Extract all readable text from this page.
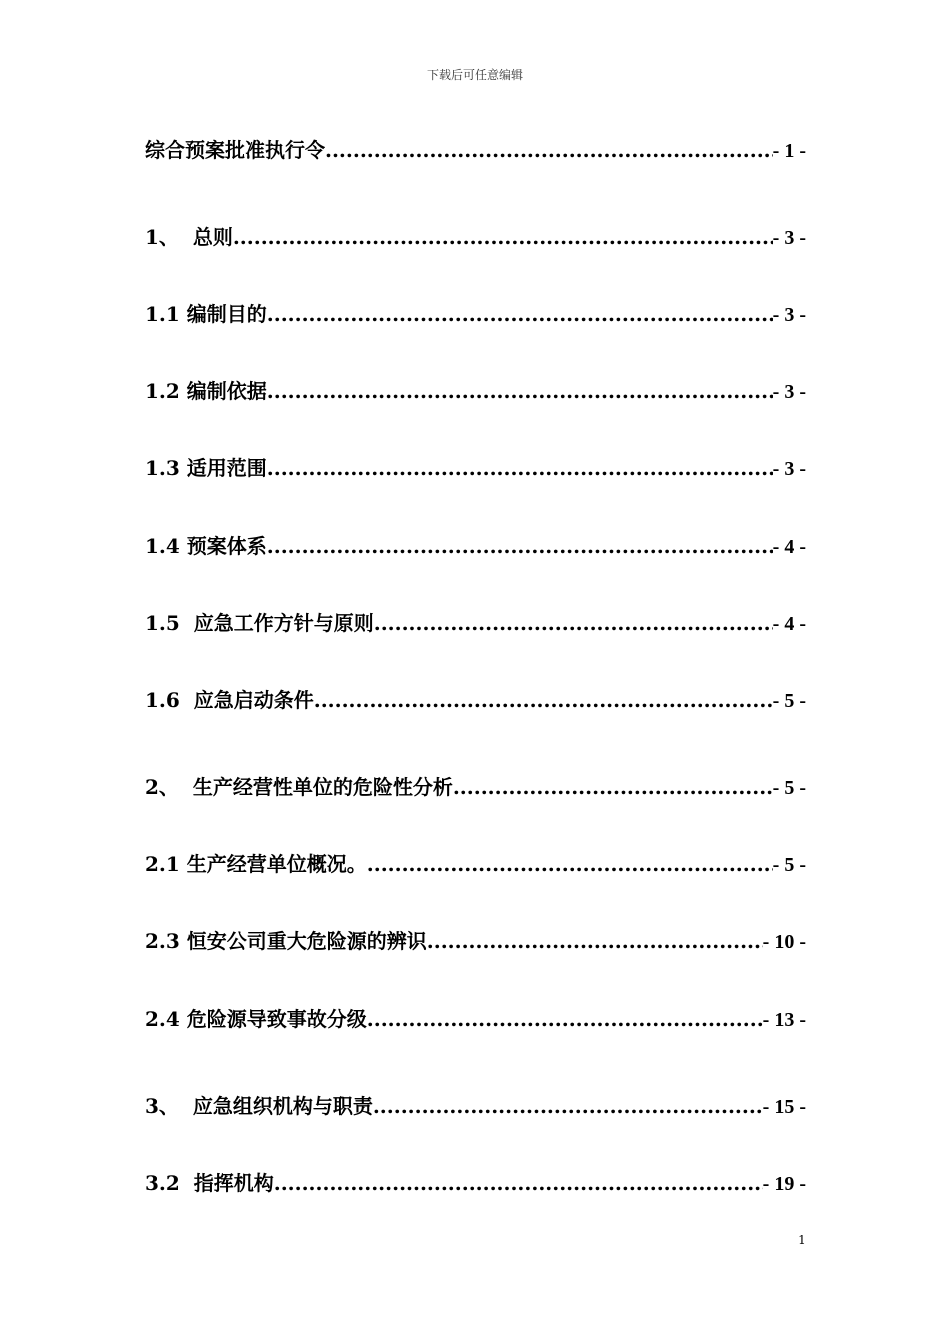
下载后可任意编辑
综合预案批准执行令 .....	- 1 -
1、  总则 .....	- 3 -
1.1 编制目的 .....	- 3 -
1.2 编制依据 .....	- 3 -
1.3 适用范围 .....	- 3 -
1.4 预案体系 .....	- 4 -
1.5  应急工作方针与原则 .....	- 4 -
1.6  应急启动条件 .....	- 5 -
2、  生产经营性单位的危险性分析 .....	- 5 -
2.1 生产经营单位概况。 .....	- 5 -
2.3 恒安公司重大危险源的辨识 .....	- 10 -
2.4 危险源导致事故分级 .....	- 13 -
3、  应急组织机构与职责 .....	- 15 -
3.2  指挥机构 .....	- 19 -
1
